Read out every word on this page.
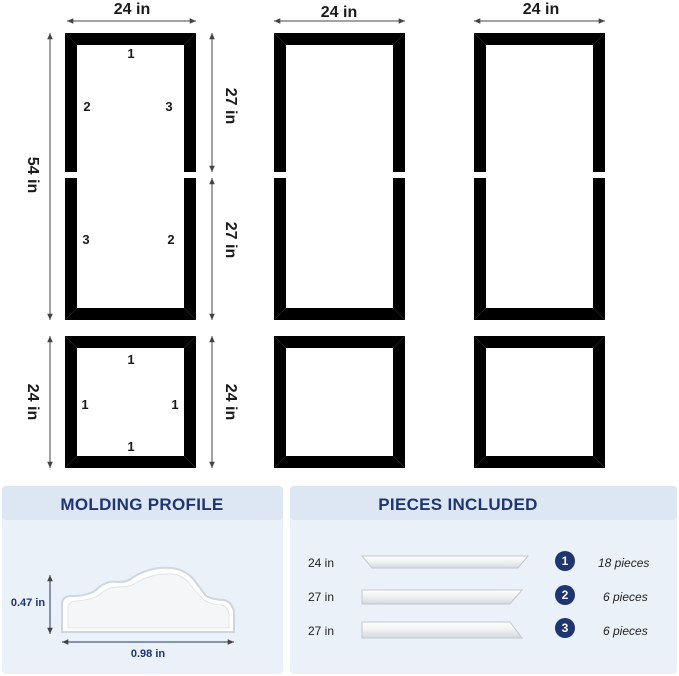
24 in	24 in	24 in
54 in
27 in
27 in
24 in	24 in
1
2	3
3	2
1
1	1
1
MOLDING PROFILE
0.47 in
0.98 in
PIECES INCLUDED
24 in	1 18 pieces
27 in	2	6 pieces
27 in	3	6 pieces
